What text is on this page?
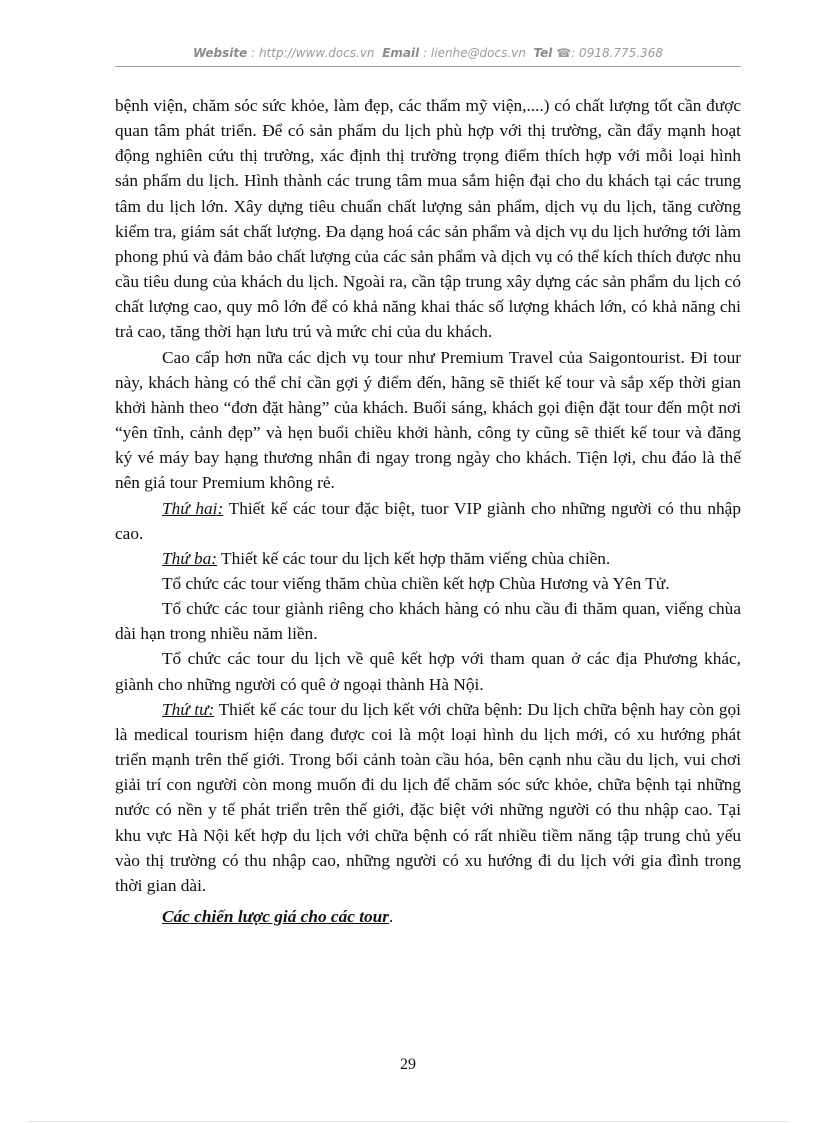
Website : http://www.docs.vn Email : lienhe@docs.vn Tel ☎: 0918.775.368

bệnh viện, chăm sóc sức khỏe, làm đẹp, các thẩm mỹ viện,....) có chất lượng tốt cần được quan tâm phát triển. Để có sản phẩm du lịch phù hợp với thị trường, cần đẩy mạnh hoạt động nghiên cứu thị trường, xác định thị trường trọng điểm thích hợp với mỗi loại hình sản phẩm du lịch. Hình thành các trung tâm mua sắm hiện đại cho du khách tại các trung tâm du lịch lớn. Xây dựng tiêu chuẩn chất lượng sản phẩm, dịch vụ du lịch, tăng cường kiểm tra, giám sát chất lượng. Đa dạng hoá các sản phẩm và dịch vụ du lịch hướng tới làm phong phú và đảm bảo chất lượng của các sản phẩm và dịch vụ có thể kích thích được nhu cầu tiêu dung của khách du lịch. Ngoài ra, cần tập trung xây dựng các sản phẩm du lịch có chất lượng cao, quy mô lớn để có khả năng khai thác số lượng khách lớn, có khả năng chi trả cao, tăng thời hạn lưu trú và mức chi của du khách.

Cao cấp hơn nữa các dịch vụ tour như Premium Travel của Saigontourist. Đi tour này, khách hàng có thể chỉ cần gợi ý điểm đến, hãng sẽ thiết kế tour và sắp xếp thời gian khởi hành theo “đơn đặt hàng” của khách. Buổi sáng, khách gọi điện đặt tour đến một nơi “yên tĩnh, cảnh đẹp” và hẹn buổi chiều khởi hành, công ty cũng sẽ thiết kế tour và đăng ký vé máy bay hạng thương nhân đi ngay trong ngày cho khách. Tiện lợi, chu đáo là thế nên giá tour Premium không rẻ.

Thứ hai: Thiết kế các tour đặc biệt, tuor VIP giành cho những người có thu nhập cao.

Thứ ba: Thiết kế các tour du lịch kết hợp thăm viếng chùa chiền.

Tổ chức các tour viếng thăm chùa chiền kết hợp Chùa Hương và Yên Tử.

Tổ chức các tour giành riêng cho khách hàng có nhu cầu đi thăm quan, viếng chùa dài hạn trong nhiều năm liền.

Tổ chức các tour du lịch về quê kết hợp với tham quan ở các địa Phương khác, giành cho những người có quê ở ngoại thành Hà Nội.

Thứ tư: Thiết kế các tour du lịch kết với chữa bệnh: Du lịch chữa bệnh hay còn gọi là medical tourism hiện đang được coi là một loại hình du lịch mới, có xu hướng phát triển mạnh trên thế giới. Trong bối cảnh toàn cầu hóa, bên cạnh nhu cầu du lịch, vui chơi giải trí con người còn mong muốn đi du lịch để chăm sóc sức khỏe, chữa bệnh tại những nước có nền y tế phát triển trên thế giới, đặc biệt với những người có thu nhập cao. Tại khu vực Hà Nội kết hợp du lịch với chữa bệnh có rất nhiều tiềm năng tập trung chủ yếu vào thị trường có thu nhập cao, những người có xu hướng đi du lịch với gia đình trong thời gian dài.

Các chiến lược giá cho các tour.

29
